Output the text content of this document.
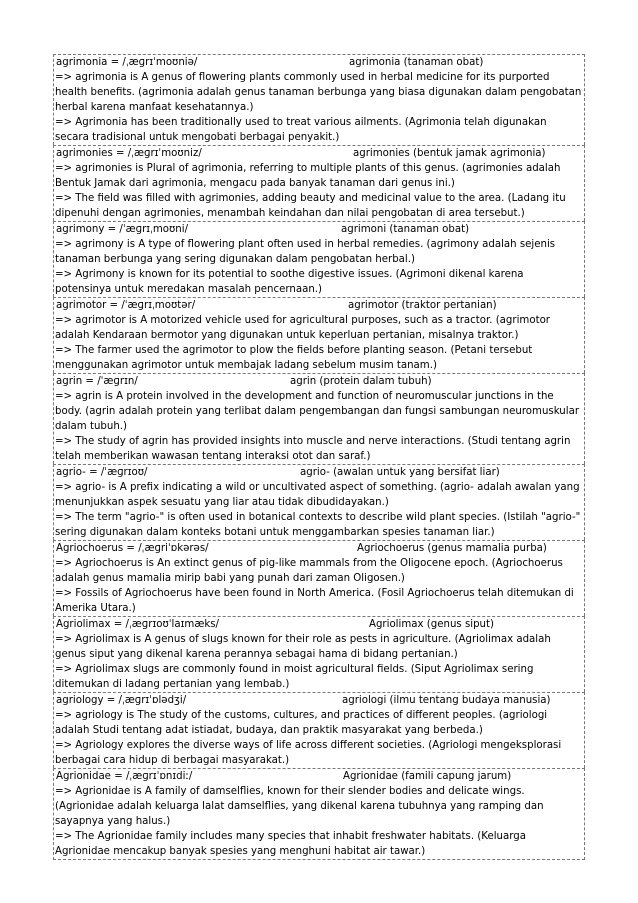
agrimonia = /ˌæɡrɪˈmoʊniə/	agrimonia (tanaman obat)
=> agrimonia is A genus of flowering plants commonly used in herbal medicine for its purported health benefits. (agrimonia adalah genus tanaman berbunga yang biasa digunakan dalam pengobatan herbal karena manfaat kesehatannya.)
=> Agrimonia has been traditionally used to treat various ailments. (Agrimonia telah digunakan secara tradisional untuk mengobati berbagai penyakit.)
agrimonies = /ˌæɡrɪˈmoʊniz/	agrimonies (bentuk jamak agrimonia)
=> agrimonies is Plural of agrimonia, referring to multiple plants of this genus. (agrimonies adalah Bentuk Jamak dari agrimonia, mengacu pada banyak tanaman dari genus ini.)
=> The field was filled with agrimonies, adding beauty and medicinal value to the area. (Ladang itu dipenuhi dengan agrimonies, menambah keindahan dan nilai pengobatan di area tersebut.)
agrimony = /ˈæɡrɪˌmoʊni/	agrimoni (tanaman obat)
=> agrimony is A type of flowering plant often used in herbal remedies. (agrimony adalah sejenis tanaman berbunga yang sering digunakan dalam pengobatan herbal.)
=> Agrimony is known for its potential to soothe digestive issues. (Agrimoni dikenal karena potensinya untuk meredakan masalah pencernaan.)
agrimotor = /ˈæɡrɪˌmoʊtər/	agrimotor (traktor pertanian)
=> agrimotor is A motorized vehicle used for agricultural purposes, such as a tractor. (agrimotor adalah Kendaraan bermotor yang digunakan untuk keperluan pertanian, misalnya traktor.)
=> The farmer used the agrimotor to plow the fields before planting season. (Petani tersebut menggunakan agrimotor untuk membajak ladang sebelum musim tanam.)
agrin = /ˈæɡrɪn/	agrin (protein dalam tubuh)
=> agrin is A protein involved in the development and function of neuromuscular junctions in the body. (agrin adalah protein yang terlibat dalam pengembangan dan fungsi sambungan neuromuskular dalam tubuh.)
=> The study of agrin has provided insights into muscle and nerve interactions. (Studi tentang agrin telah memberikan wawasan tentang interaksi otot dan saraf.)
agrio- = /ˈæɡrɪoʊ/	agrio- (awalan untuk yang bersifat liar)
=> agrio- is A prefix indicating a wild or uncultivated aspect of something. (agrio- adalah awalan yang menunjukkan aspek sesuatu yang liar atau tidak dibudidayakan.)
=> The term "agrio-" is often used in botanical contexts to describe wild plant species. (Istilah "agrio-" sering digunakan dalam konteks botani untuk menggambarkan spesies tanaman liar.)
Agriochoerus = /ˌæɡriˈɒkərəs/	Agriochoerus (genus mamalia purba)
=> Agriochoerus is An extinct genus of pig-like mammals from the Oligocene epoch. (Agriochoerus adalah genus mamalia mirip babi yang punah dari zaman Oligosen.)
=> Fossils of Agriochoerus have been found in North America. (Fosil Agriochoerus telah ditemukan di Amerika Utara.)
Agriolimax = /ˌæɡrɪoʊˈlaɪmæks/	Agriolimax (genus siput)
=> Agriolimax is A genus of slugs known for their role as pests in agriculture. (Agriolimax adalah genus siput yang dikenal karena perannya sebagai hama di bidang pertanian.)
=> Agriolimax slugs are commonly found in moist agricultural fields. (Siput Agriolimax sering ditemukan di ladang pertanian yang lembab.)
agriology = /ˌæɡrɪˈɒlədʒi/	agriologi (ilmu tentang budaya manusia)
=> agriology is The study of the customs, cultures, and practices of different peoples. (agriologi adalah Studi tentang adat istiadat, budaya, dan praktik masyarakat yang berbeda.)
=> Agriology explores the diverse ways of life across different societies. (Agriologi mengeksplorasi berbagai cara hidup di berbagai masyarakat.)
Agrionidae = /ˌæɡrɪˈɒnɪdiː/	Agrionidae (famili capung jarum)
=> Agrionidae is A family of damselflies, known for their slender bodies and delicate wings. (Agrionidae adalah keluarga lalat damselflies, yang dikenal karena tubuhnya yang ramping dan sayapnya yang halus.)
=> The Agrionidae family includes many species that inhabit freshwater habitats. (Keluarga Agrionidae mencakup banyak spesies yang menghuni habitat air tawar.)
